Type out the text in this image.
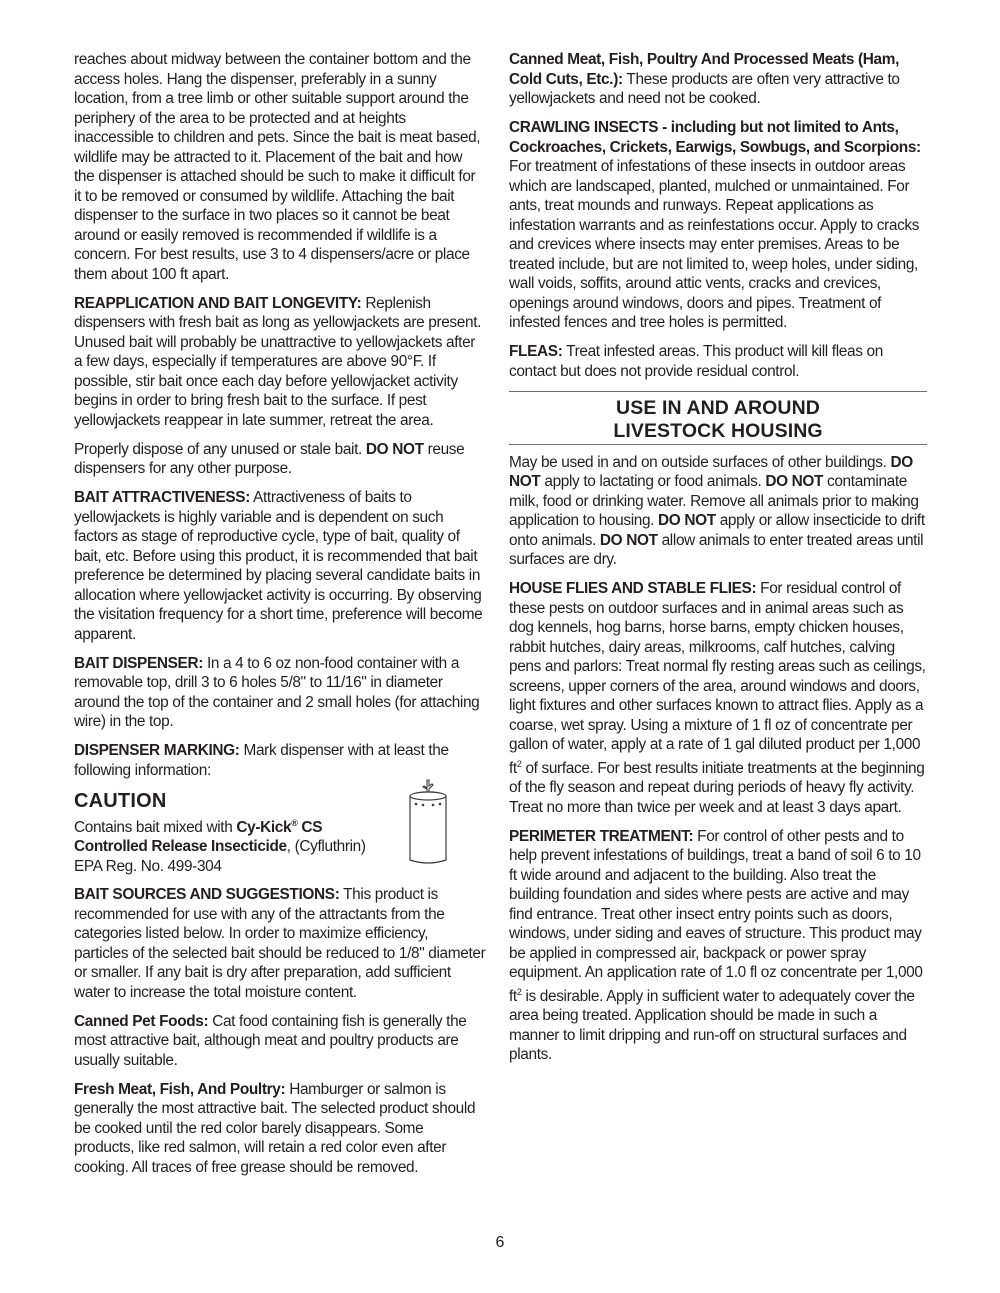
reaches about midway between the container bottom and the access holes. Hang the dispenser, preferably in a sunny location, from a tree limb or other suitable support around the periphery of the area to be protected and at heights inaccessible to children and pets. Since the bait is meat based, wildlife may be attracted to it. Placement of the bait and how the dispenser is attached should be such to make it difficult for it to be removed or consumed by wildlife. Attaching the bait dispenser to the surface in two places so it cannot be beat around or easily removed is recommended if wildlife is a concern. For best results, use 3 to 4 dispensers/acre or place them about 100 ft apart.

REAPPLICATION AND BAIT LONGEVITY: Replenish dispensers with fresh bait as long as yellowjackets are present. Unused bait will probably be unattractive to yellowjackets after a few days, especially if temperatures are above 90°F. If possible, stir bait once each day before yellowjacket activity begins in order to bring fresh bait to the surface. If pest yellowjackets reappear in late summer, retreat the area.

Properly dispose of any unused or stale bait. DO NOT reuse dispensers for any other purpose.

BAIT ATTRACTIVENESS: Attractiveness of baits to yellowjackets is highly variable and is dependent on such factors as stage of reproductive cycle, type of bait, quality of bait, etc. Before using this product, it is recommended that bait preference be determined by placing several candidate baits in allocation where yellowjacket activity is occurring. By observing the visitation frequency for a short time, preference will become apparent.

BAIT DISPENSER: In a 4 to 6 oz non-food container with a removable top, drill 3 to 6 holes 5/8" to 11/16" in diameter around the top of the container and 2 small holes (for attaching wire) in the top.

DISPENSER MARKING: Mark dispenser with at least the following information:

CAUTION

Contains bait mixed with Cy-Kick® CS

Controlled Release Insecticide, (Cyfluthrin)

EPA Reg. No. 499-304

BAIT SOURCES AND SUGGESTIONS: This product is recommended for use with any of the attractants from the categories listed below. In order to maximize efficiency, particles of the selected bait should be reduced to 1/8" diameter or smaller. If any bait is dry after preparation, add sufficient water to increase the total moisture content.

Canned Pet Foods: Cat food containing fish is generally the most attractive bait, although meat and poultry products are usually suitable.

Fresh Meat, Fish, And Poultry: Hamburger or salmon is generally the most attractive bait. The selected product should be cooked until the red color barely disappears. Some products, like red salmon, will retain a red color even after cooking. All traces of free grease should be removed.

Canned Meat, Fish, Poultry And Processed Meats (Ham, Cold Cuts, Etc.): These products are often very attractive to yellowjackets and need not be cooked.

CRAWLING INSECTS - including but not limited to Ants, Cockroaches, Crickets, Earwigs, Sowbugs, and Scorpions: For treatment of infestations of these insects in outdoor areas which are landscaped, planted, mulched or unmaintained. For ants, treat mounds and runways. Repeat applications as infestation warrants and as reinfestations occur. Apply to cracks and crevices where insects may enter premises. Areas to be treated include, but are not limited to, weep holes, under siding, wall voids, soffits, around attic vents, cracks and crevices, openings around windows, doors and pipes. Treatment of infested fences and tree holes is permitted.

FLEAS: Treat infested areas. This product will kill fleas on contact but does not provide residual control.

USE IN AND AROUND
LIVESTOCK HOUSING

May be used in and on outside surfaces of other buildings. DO NOT apply to lactating or food animals. DO NOT contaminate milk, food or drinking water. Remove all animals prior to making application to housing. DO NOT apply or allow insecticide to drift onto animals. DO NOT allow animals to enter treated areas until surfaces are dry.

HOUSE FLIES AND STABLE FLIES: For residual control of these pests on outdoor surfaces and in animal areas such as dog kennels, hog barns, horse barns, empty chicken houses, rabbit hutches, dairy areas, milkrooms, calf hutches, calving pens and parlors: Treat normal fly resting areas such as ceilings, screens, upper corners of the area, around windows and doors, light fixtures and other surfaces known to attract flies. Apply as a coarse, wet spray. Using a mixture of 1 fl oz of concentrate per gallon of water, apply at a rate of 1 gal diluted product per 1,000 $ft^2$ of surface. For best results initiate treatments at the beginning of the fly season and repeat during periods of heavy fly activity. Treat no more than twice per week and at least 3 days apart.

PERIMETER TREATMENT: For control of other pests and to help prevent infestations of buildings, treat a band of soil 6 to 10 ft wide around and adjacent to the building. Also treat the building foundation and sides where pests are active and may find entrance. Treat other insect entry points such as doors, windows, under siding and eaves of structure. This product may be applied in compressed air, backpack or power spray equipment. An application rate of 1.0 fl oz concentrate per 1,000 $ft^2$ is desirable. Apply in sufficient water to adequately cover the area being treated. Application should be made in such a manner to limit dripping and run-off on structural surfaces and plants.

6
